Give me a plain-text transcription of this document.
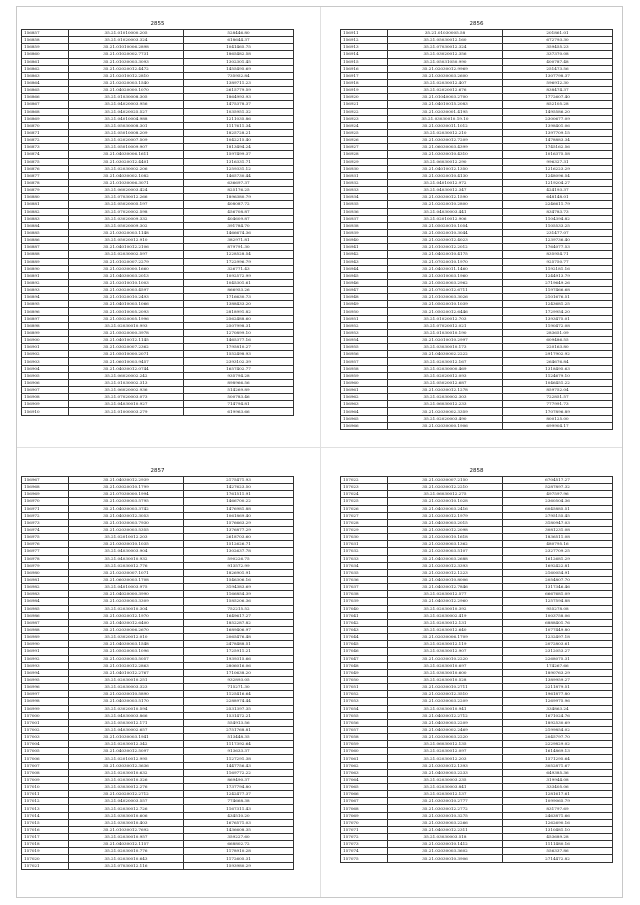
2855
156857	35.21.01010000.205	528446.80
156858	35.21.01020003.324	618644.37
156859	35.21.01010006.2898	1041465.75
156860	35.21.01020002.7731	1865482.58
156861	35.21.01030003.3093	1302301.45
156862	35.21.02020012.4472	1455495.69
156863	35.21.02010012.2810	735952.84
156864	35.21.02020003.1540	1389711.23
156865	35.21.04020000.1070	2615779.59
156866	35.21.01030008.305	1864993.93
156867	35.21.04020003.956	1475378.37
156868	35.21.04020025.527	1035951.32
156869	35.21.04010004.988	1211035.86
156870	35.21.05030008.301	1117611.34
156871	35.21.05010008.209	1825728.21
156872	35.21.02020007.509	1042215.40
156873	35.21.05010009.907	1813494.24
156874	35.21.04030006.1611	1597499.37
156875	35.21.03020012.4401	1316331.71
156876	35.21.02030002.206	1259331.12
156877	35.21.04030002.1082	1465730.44
156878	35.21.01030006.3071	636697.37
156879	35.21.06020003.424	825176.25
156880	35.21.07030012.266	1896380.79
156881	35.21.05020005.197	408087.72
156882	35.21.07020002.598	456708.87
156883	35.21.03020009.332	404609.87
156884	35.21.05020009.302	391784.70
156885	35.21.03020003.1148	1466674.36
156886	35.21.05020012.910	382971.81
156887	35.21.04010012.2106	879791.30
156888	35.21.02030002.597	1228528.54
156889	35.21.01020007.2279	1722996.79
156890	35.21.02030000.1660	326771.43
156891	35.21.04030003.2013	1092572.99
156892	35.21.02010010.1003	1045301.61
156893	35.21.03020003.4597	866953.26
156894	35.21.01020010.2493	1716630.73
156895	35.21.04010003.1066	1388433.20
156896	35.21.05010005.2093	2818991.82
156897	35.21.05020005.1996	2562488.60
156898	35.21.02030010.993	2507998.31
156899	35.21.05020000.3978	1270899.10
156900	35.21.04010012.1145	1465377.16
156901	35.21.03020007.2362	1795810.27
156902	35.21.05010000.2071	1552498.93
156903	35.21.06010003.9457	2393102.39
156904	35.21.04030012.0744	1657402.77
156905	35.21.06020002.242	935794.28
156906	35.21.01030002.313	898966.56
156907	35.21.06020002.936	514269.89
156908	35.21.07020003.073	500783.46
156909	35.21.04030010.927	714794.81
156910	35.21.01000003.279	619963.66
2856
156911	35.21.01030005.58	201861.01
156912	35.21.05030012.160	672793.30
156913	35.21.07030012.324	359455.23
156914	35.21.03020012.356	337370.08
156915	35.21.05031050.990	400787.48
156916	35.21.02030012.9969	251473.56
156917	35.21.03030003.2600	1307798.37
156918	35.21.02030012.407	596912.30
156919	35.21.02020012.676	838474.37
156920	35.21.01040003.2700	1772607.40
156921	35.21.04010015.2083	852105.28
156922	35.21.02030001.4195	1495586.20
156923	35.21.03030010.19.10	2300677.09
156924	35.21.03030011.1012	1398401.06
156925	35.21.02030012.210	1397709.15
156926	35.21.03030012.7209	1478883.34
156927	35.21.06030003.4399	1745162.56
156928	35.21.03030010.4310	1016375.58
156929	35.21.06030012.290	996327.31
156930	35.21.04010012.1350	1216223.29
156931	35.21.03020010.4130	1248096.54
156932	35.21.04010012.972	1219204.27
156933	35.21.04030012.347	424193.37
156934	35.21.03030012.1590	648148.01
156935	35.21.02020010.2800	2246611.79
156936	35.21.04030003.441	834783.73
156937	35.21.02010012.906	1104394.82
156938	35.21.05020010.1054	1105533.25
156939	35.21.05020010.3044	231477.07
156940	35.21.02030012.4023	1239736.40
156941	35.21.01030012.2012	1764077.53
156942	35.21.04020010.4175	835954.71
156943	35.21.07020010.1970	925750.77
156944	35.21.04030011.1460	1192181.16
156945	35.21.03010003.1960	1244913.79
156946	35.21.05020003.2962	2719649.26
156947	35.21.07020012.6711	1197466.68
156948	35.21.01030003.3026	2101676.51
156949	35.21.05020010.1039	1243681.25
156950	35.21.05020012.6446	1729954.20
156951	35.21.01020012.703	1393475.01
156952	35.21.07020012.021	1190472.08
156953	35.21.01030010.190	283651.09
156954	35.21.02010010.2997	609486.55
156955	35.21.03030010.173	220163.80
156956	35.21.04030002.2222	2917902.92
156957	35.21.02030012.167	264676.84
156958	35.21.02030000.469	1318495.63
156959	35.21.02020012.093	1124679.10
156960	35.21.05020012.687	1046451.22
156961	35.21.02030012.1278	859752.04
156962	35.21.02030002.303	722851.57
156963	35.21.06030012.233	777991.73
156964	35.21.02030002.3359	1707896.89
156965	35.21.02020003.490	800125.00
156966	35.21.02030000.1906	699904.17
2857
156967	35.21.04030012.2939	2175471.93
156968	35.21.03020010.1799	1427623.50
156969	35.21.07030000.1994	1761511.91
156970	35.21.02030003.5795	1466700.22
156971	35.21.04030003.3742	1476981.88
156972	35.21.04030012.3053	1061869.40
156973	35.21.01030003.7930	1576663.29
156974	35.21.02030003.5355	1376877.29
156975	35.21.02010012.203	2618703.60
156976	35.21.03030010.1035	1512626.71
156977	35.21.04030003.904	1302637.78
156978	35.21.04030010.932	590226.75
156979	35.21.02030012.776	913572.99
156980	35.21.02030007.1071	1826901.91
156981	35.21.06030003.1708	1546306.16
156982	35.21.04010003.975	3194383.69
156983	35.21.04020000.3990	1166854.39
156984	35.21.02030003.3309	1585206.36
156985	35.21.02030010.304	752215.52
156986	35.21.03020012.1970	1649617.27
156987	35.21.04030012.6400	1852287.82
156988	35.21.02030006.2670	1689406.97
156989	35.21.03020012.010	2065476.48
156990	35.21.04030003.1548	2478488.51
156991	35.21.05020003.1096	1725911.21
156992	35.21.02030003.5057	1939315.66
156993	35.21.01020012.2863	2806016.06
156994	35.21.04010012.2767	1710638.20
156995	35.21.02030010.251	932893.05
156996	35.21.02030003.323	715271.30
156997	35.21.02030010.5890	1125416.64
156998	35.21.04030003.5170	2288974.44
156999	35.21.03020010.594	2531397.35
157000	35.21.04030003.866	1531472.21
157001	35.21.05030012.171	554913.56
157002	35.21.04030002.657	2751768.81
157003	35.21.01030003.1941	513448.35
157004	35.21.02030012.342	1117392.64
157005	35.21.04030012.5097	913633.37
157006	35.21.02010012.995	1127291.38
157007	35.21.03030012.3636	1447756.43
157008	35.21.02030010.632	1169772.22
157009	35.21.02030010.326	869490.37
157010	35.21.03030012.276	1737794.80
157011	35.21.02020012.2712	1242477.37
157012	35.21.04020003.557	774668.38
157013	35.21.02030012.726	1167311.43
157014	35.21.03030010.606	434510.20
157015	35.21.03030010.403	1676571.03
157016	35.21.01030012.7692	1436608.35
157017	35.21.02030010.957	359227.60
157018	35.21.04030012.1157	668802.72
157019	35.21.02030010.776	1178910.28
157020	35.21.02030010.643	1172605.31
157021	35.21.07030012.116	1593980.29
2858
157022	35.21.02030007.2150	6704517.27
157023	35.21.02030012.2210	5287897.32
157024	35.21.06030012.275	497597.96
157025	35.21.02030010.1028	2360504.36
157026	35.21.04030003.2416	6045885.51
157027	35.21.02030012.1979	2795155.45
157028	35.21.04030003.2015	3180947.03
157029	35.21.03030012.2098	3081231.08
157030	35.21.02030010.1618	1836511.08
157031	35.21.02030003.1362	480795.16
157032	35.21.02030003.5107	2327709.25
157033	35.21.04030003.2688	1612681.29
157034	35.21.02030012.3393	1692422.81
157035	35.21.02030012.1223	2160054.91
157036	35.21.04030010.8006	2054807.70
157037	35.21.04030012.7846	1317346.46
157038	35.21.02030012.577	6667681.09
157039	35.21.04030012.2960	1257594.88
157040	35.21.02030010.392	955278.08
157041	35.21.02030002.419	1003758.06
157042	35.21.02030012.131	6888401.76
157043	35.21.02030012.640	1077449.80
157044	35.21.02030006.1709	1232497.18
157045	35.21.02030012.119	2072803.61
157046	35.21.03030012.907	2312053.27
157047	35.21.02030010.2220	2268075.31
157048	35.21.02030010.697	174267.66
157049	35.21.03030010.600	1890763.29
157050	35.21.02030010.528	1389959.27
157051	35.21.02030010.2711	2211879.51
157052	35.21.02030012.3510	1961877.80
157053	35.21.02030003.2209	1269975.96
157054	35.21.03030010.941	334863.24
157055	35.21.04030012.2712	1671024.76
157056	35.21.04030003.2209	1892530.69
157057	35.21.04030002.2469	2199854.02
157058	35.21.02030003.2220	2045797.70
157059	35.21.06030012.135	2229829.02
157060	35.21.02030012.097	1614869.13
157061	35.21.02030012.203	1571295.64
157062	35.21.03030012.1393	3052871.67
157063	35.21.04030003.2233	649385.36
157064	35.21.02030003.235	319944.08
157065	35.21.02030003.841	333405.06
157066	35.21.02030012.137	1281617.61
157067	35.21.03030010.2777	1099065.79
157068	35.21.03030012.2772	831797.69
157069	35.21.03030010.3275	2463871.66
157070	35.21.03030003.2266	1262690.16
157071	35.21.04030012.2311	1310481.10
157072	35.21.03030003.518	453689.28
157073	35.21.02030010.1412	1111480.16
157074	35.21.02030003.3602	556337.86
157075	35.21.03030010.3906	2714472.82
